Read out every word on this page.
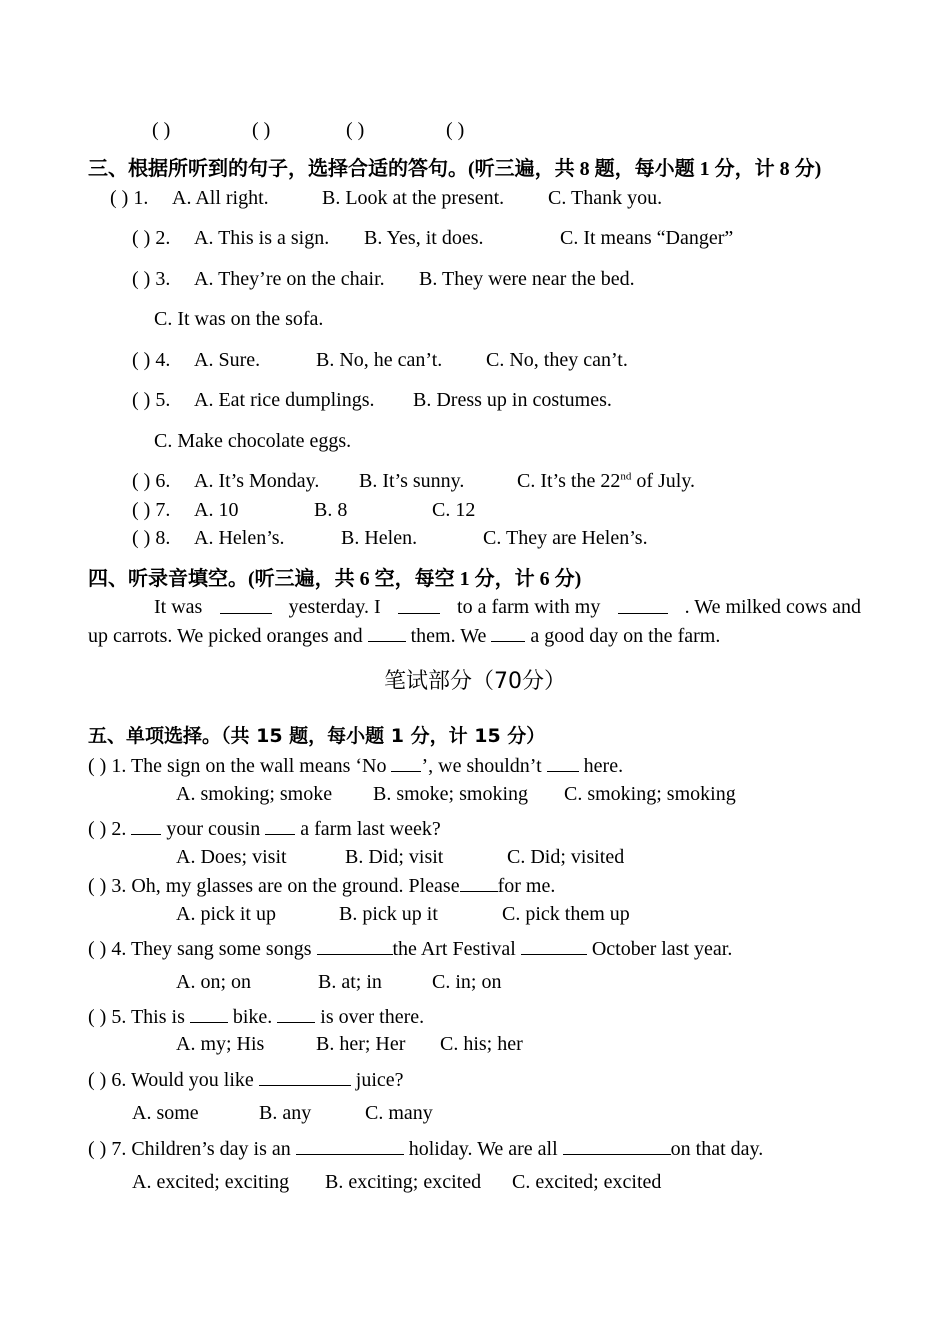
( )	( )	( )	( )
三、根据所听到的句子，选择合适的答句。(听三遍，共 8 题，每小题 1 分，计 8 分)
( ) 1. A. All right.	B. Look at the present. C. Thank you.
( ) 2. A. This is a sign. B. Yes, it does.	C. It means “Danger”
( ) 3. A. They’re on the chair. B. They were near the bed.
C. It was on the sofa.
( ) 4. A. Sure.	B. No, he can’t. C. No, they can’t.
( ) 5. A. Eat rice dumplings. B. Dress up in costumes.
C. Make chocolate eggs.
( ) 6. A. It’s Monday. B. It’s sunny.	C. It’s the 22nd of July.
( ) 7. A. 10	B. 8	C. 12
( ) 8. A. Helen’s.	B. Helen.	C. They are Helen’s.
四、听录音填空。(听三遍，共 6 空，每空 1 分，计 6 分)
It was	yesterday. I	to a farm with my	. We milked cows and
up carrots. We picked oranges and them. We a good day on the farm.
笔试部分（70分）
五、单项选择。（共 15 题，每小题 1 分，计 15 分）
( ) 1. The sign on the wall means ‘No ’, we shouldn’t  here.
A. smoking; smoke B. smoke; smoking C. smoking; smoking
( ) 2.  your cousin  a farm last week?
A. Does; visit	B. Did; visit	C. Did; visited
( ) 3. Oh, my glasses are on the ground. Please for me.
A. pick it up	B. pick up it	C. pick them up
( ) 4. They sang some songs	the Art Festival	October last year.
A. on; on	B. at; in	C. in; on
( ) 5. This is  bike.  is over there.
A. my; His	B. her; Her C. his; her
( ) 6. Would you like	juice?
A. some	B. any	C. many
( ) 7. Children’s day is an	holiday. We are all	on that day.
A. excited; exciting B. exciting; excited C. excited; excited
